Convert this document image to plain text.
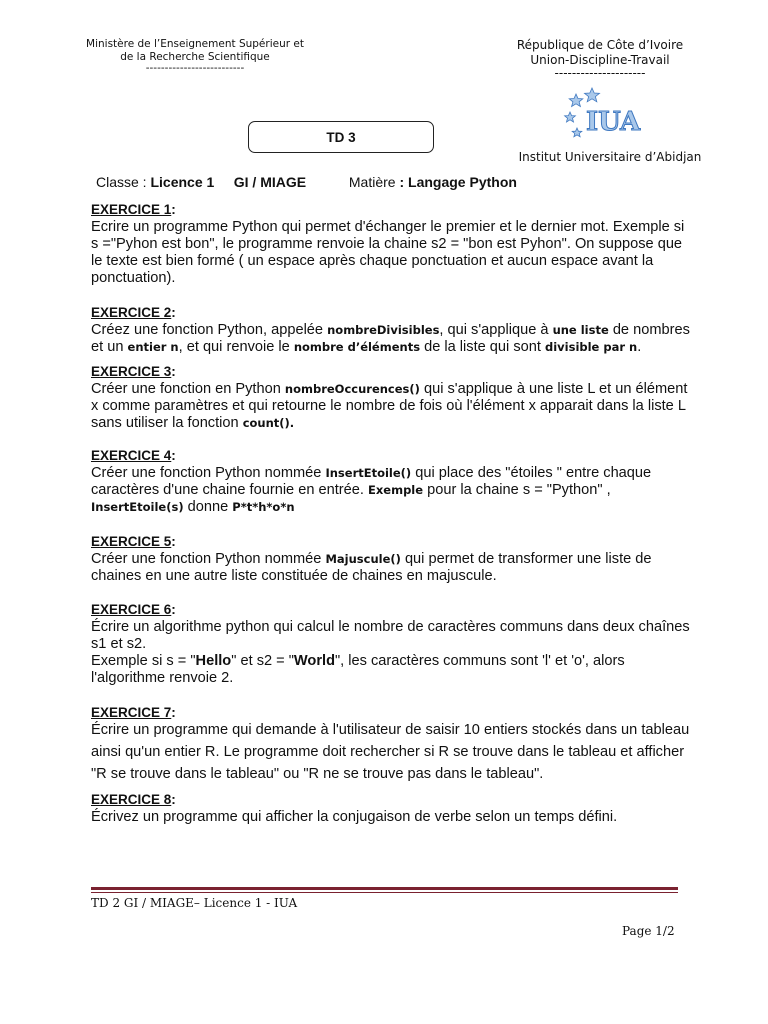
Ministère de l’Enseignement Supérieur et
de la Recherche Scientifique
--------------------------
République de Côte d’Ivoire
Union-Discipline-Travail
---------------------
IUA
Institut Universitaire d’Abidjan
TD 3
Classe : Licence 1 GI / MIAGE	Matière : Langage Python
EXERCICE 1:
Ecrire un programme Python qui permet d'échanger le premier et le dernier mot. Exemple si s ="Pyhon est bon", le programme renvoie la chaine s2 = "bon est Pyhon". On suppose que le texte est bien formé ( un espace après chaque ponctuation et aucun espace avant la ponctuation).
EXERCICE 2:
Créez une fonction Python, appelée nombreDivisibles, qui s'applique à une liste de nombres et un entier n, et qui renvoie le nombre d’éléments de la liste qui sont divisible par n.
EXERCICE 3:
Créer une fonction en Python nombreOccurences() qui s'applique à une liste L et un élément x comme paramètres et qui retourne le nombre de fois où l'élément x apparait dans la liste L sans utiliser la fonction count().
EXERCICE 4:
Créer une fonction Python nommée InsertEtoile() qui place des "étoiles " entre chaque caractères d'une chaine fournie en entrée. Exemple pour la chaine s = "Python" , InsertEtoile(s) donne P*t*h*o*n
EXERCICE 5:
Créer une fonction Python nommée Majuscule() qui permet de transformer une liste de chaines en une autre liste constituée de chaines en majuscule.
EXERCICE 6:
Écrire un algorithme python qui calcul le nombre de caractères communs dans deux chaînes s1 et s2.
Exemple si s = "Hello" et s2 = "World", les caractères communs sont 'l' et 'o', alors l'algorithme renvoie 2.
EXERCICE 7:

Écrire un programme qui demande à l'utilisateur de saisir 10 entiers stockés dans un tableau ainsi qu'un entier R. Le programme doit rechercher si R se trouve dans le tableau et afficher "R se trouve dans le tableau" ou "R ne se trouve pas dans le tableau".
EXERCICE 8:
Écrivez un programme qui afficher la conjugaison de verbe selon un temps défini.
TD 2 GI / MIAGE– Licence 1 - IUA
Page 1/2
